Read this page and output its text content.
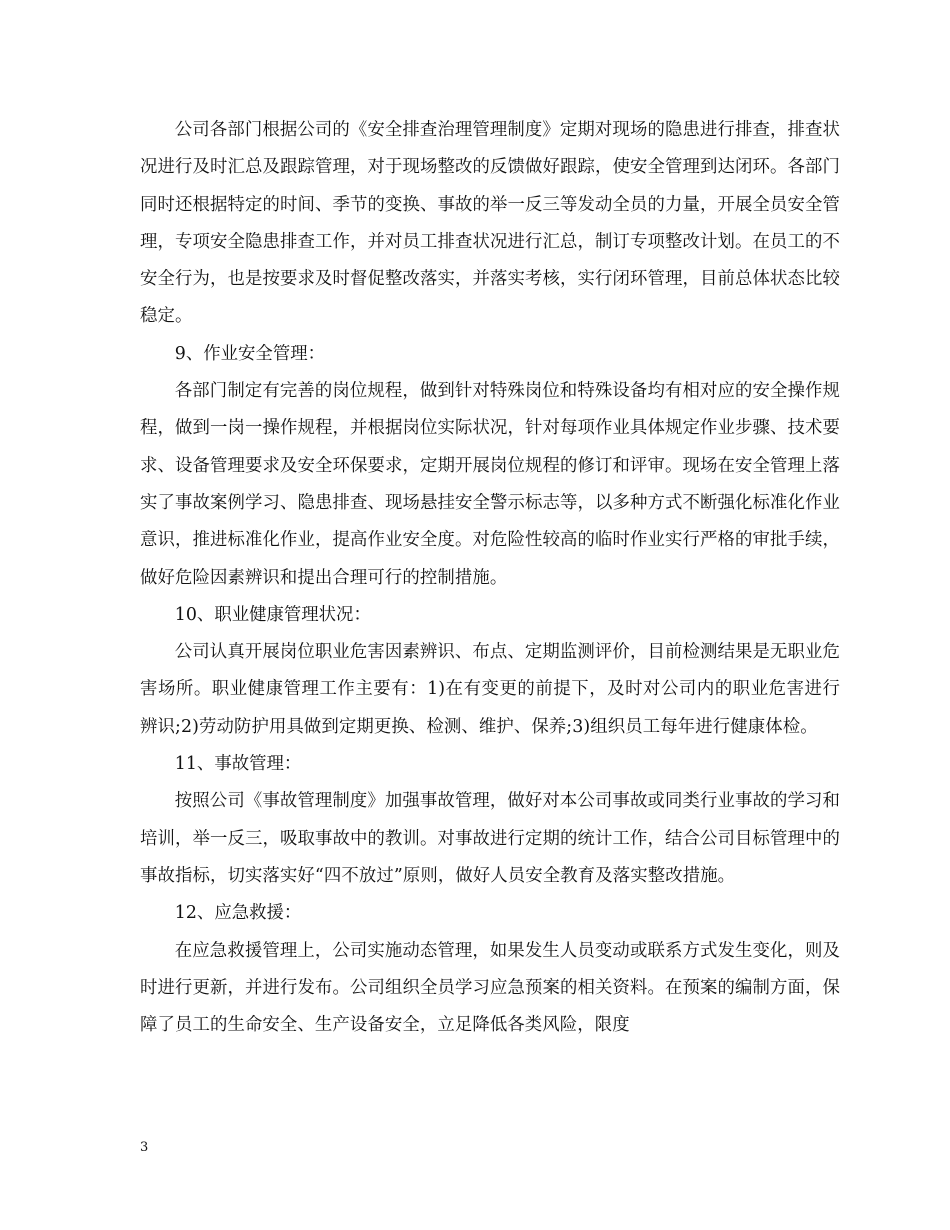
公司各部门根据公司的《安全排查治理管理制度》定期对现场的隐患进行排查，排查状况进行及时汇总及跟踪管理，对于现场整改的反馈做好跟踪，使安全管理到达闭环。各部门同时还根据特定的时间、季节的变换、事故的举一反三等发动全员的力量，开展全员安全管理，专项安全隐患排查工作，并对员工排查状况进行汇总，制订专项整改计划。在员工的不安全行为，也是按要求及时督促整改落实，并落实考核，实行闭环管理，目前总体状态比较稳定。

9、作业安全管理：

各部门制定有完善的岗位规程，做到针对特殊岗位和特殊设备均有相对应的安全操作规程，做到一岗一操作规程，并根据岗位实际状况，针对每项作业具体规定作业步骤、技术要求、设备管理要求及安全环保要求，定期开展岗位规程的修订和评审。现场在安全管理上落实了事故案例学习、隐患排查、现场悬挂安全警示标志等，以多种方式不断强化标准化作业意识，推进标准化作业，提高作业安全度。对危险性较高的临时作业实行严格的审批手续，做好危险因素辨识和提出合理可行的控制措施。

10、职业健康管理状况：

公司认真开展岗位职业危害因素辨识、布点、定期监测评价，目前检测结果是无职业危害场所。职业健康管理工作主要有：1)在有变更的前提下，及时对公司内的职业危害进行辨识;2)劳动防护用具做到定期更换、检测、维护、保养;3)组织员工每年进行健康体检。

11、事故管理：

按照公司《事故管理制度》加强事故管理，做好对本公司事故或同类行业事故的学习和培训，举一反三，吸取事故中的教训。对事故进行定期的统计工作，结合公司目标管理中的事故指标，切实落实好“四不放过”原则，做好人员安全教育及落实整改措施。

12、应急救援：

在应急救援管理上，公司实施动态管理，如果发生人员变动或联系方式发生变化，则及时进行更新，并进行发布。公司组织全员学习应急预案的相关资料。在预案的编制方面，保障了员工的生命安全、生产设备安全，立足降低各类风险，限度

3
